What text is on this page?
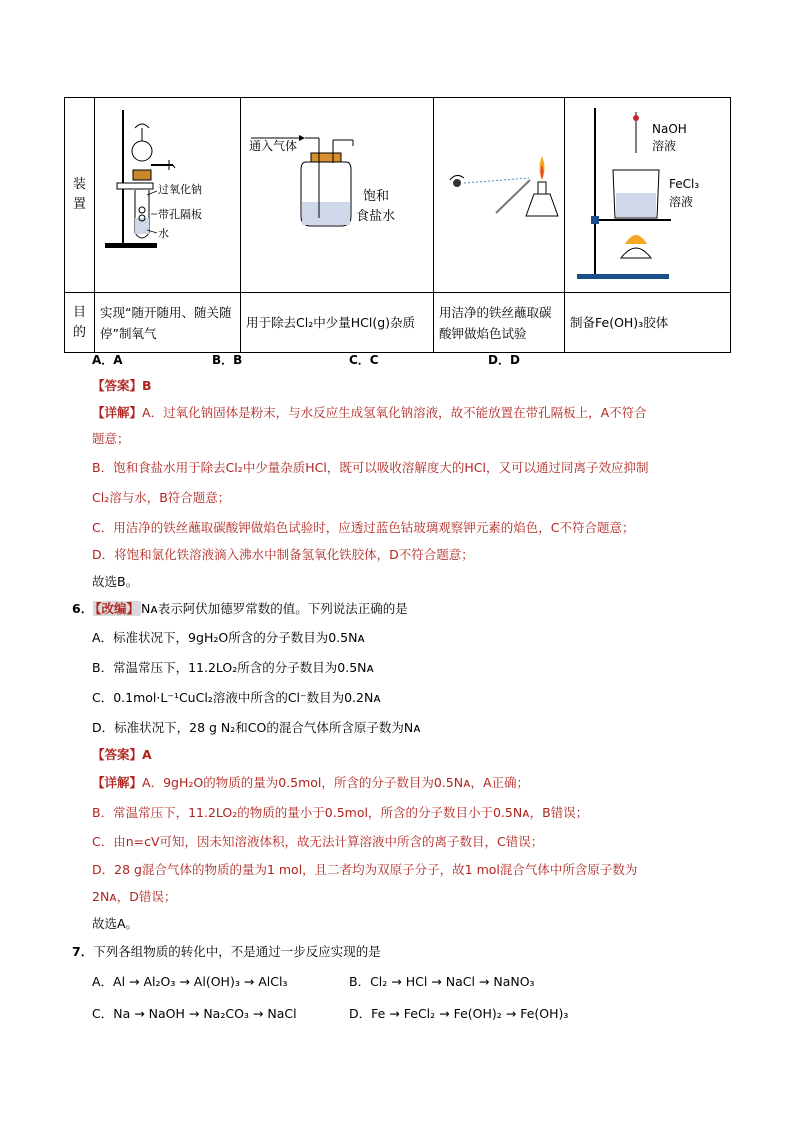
装置	过氧化钠
带孔隔板
水	通入气体
饱和
食盐水		NaOH
溶液
FeCl₃
溶液

目的	实现“随开随用、随关随停”制氧气	用于除去Cl₂中少量HCl(g)杂质	用洁净的铁丝蘸取碳酸钾做焰色试验	制备Fe(OH)₃胶体
A．A	B．B	C．C	D．D
【答案】B
【详解】A．过氧化钠固体是粉末，与水反应生成氢氧化钠溶液，故不能放置在带孔隔板上，A不符合
题意；
B．饱和食盐水用于除去Cl₂中少量杂质HCl，既可以吸收溶解度大的HCl，又可以通过同离子效应抑制
Cl₂溶与水，B符合题意；
C．用洁净的铁丝蘸取碳酸钾做焰色试验时，应透过蓝色钴玻璃观察钾元素的焰色，C不符合题意；
D．将饱和氯化铁溶液滴入沸水中制备氢氧化铁胶体，D不符合题意；
故选B。
6． 【改编】 Nᴀ表示阿伏加德罗常数的值。下列说法正确的是
A．标准状况下，9gH₂O所含的分子数目为0.5Nᴀ
B．常温常压下，11.2LO₂所含的分子数目为0.5Nᴀ
C．0.1mol·L⁻¹CuCl₂溶液中所含的Cl⁻数目为0.2Nᴀ
D．标准状况下，28 g N₂和CO的混合气体所含原子数为Nᴀ
【答案】A
【详解】A．9gH₂O的物质的量为0.5mol，所含的分子数目为0.5Nᴀ，A正确；
B．常温常压下，11.2LO₂的物质的量小于0.5mol，所含的分子数目小于0.5Nᴀ，B错误；
C．由n=cV可知，因未知溶液体积，故无法计算溶液中所含的离子数目，C错误；
D．28 g混合气体的物质的量为1 mol，且二者均为双原子分子，故1 mol混合气体中所含原子数为
2Nᴀ，D错误；
故选A。
7．下列各组物质的转化中，不是通过一步反应实现的是
A．Al → Al₂O₃ → Al(OH)₃ → AlCl₃	B．Cl₂ → HCl → NaCl → NaNO₃
C．Na → NaOH → Na₂CO₃ → NaCl	D．Fe → FeCl₂ → Fe(OH)₂ → Fe(OH)₃
